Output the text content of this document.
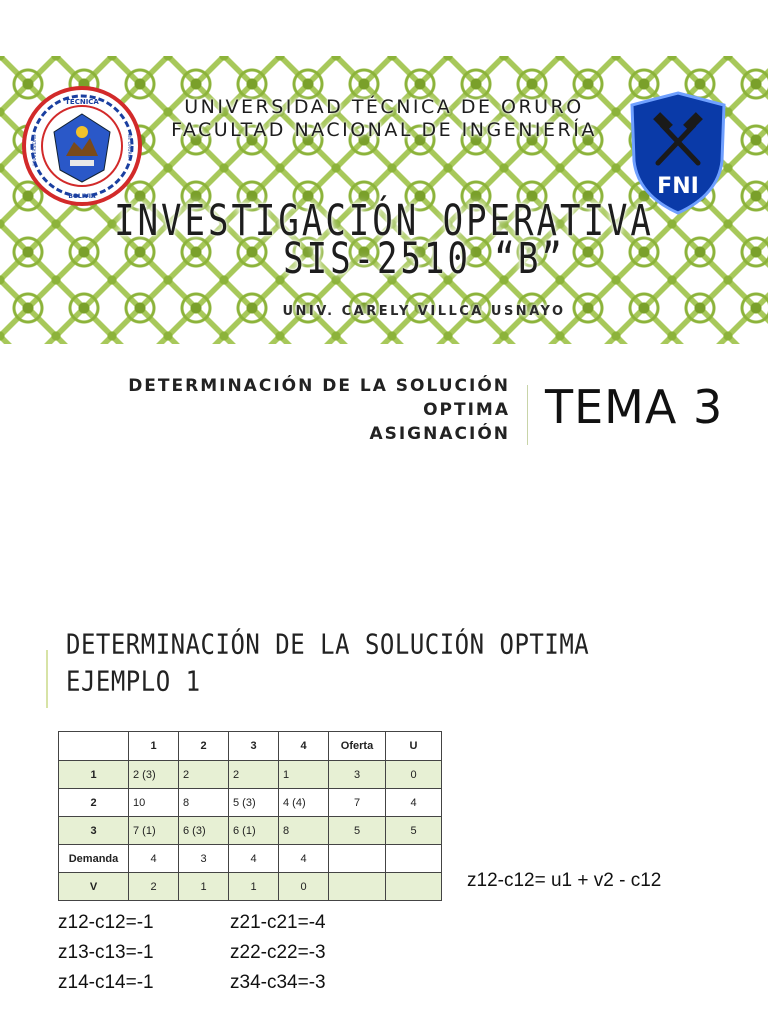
TECNICA
BOLIVIA
UNIVERSIDAD	DE ORURO
FNI
UNIVERSIDAD TÉCNICA DE ORURO
FACULTAD NACIONAL DE INGENIERÍA
INVESTIGACIÓN OPERATIVA
SIS-2510 “B”
UNIV. CARELY VILLCA USNAYO
DETERMINACIÓN DE LA SOLUCIÓN
OPTIMA
ASIGNACIÓN TEMA 3
DETERMINACIÓN DE LA SOLUCIÓN OPTIMA
EJEMPLO 1
	1	2	3	4	Oferta	U
1	2 (3)	2	2	1	3	0
2	10	8	5 (3)	4 (4)	7	4
3	7 (1)	6 (3)	6 (1)	8	5	5
Demanda	4	3	4	4		
V	2	1	1	0			z12-c12= u1 + v2 - c12
z12-c12=-1
z13-c13=-1
z14-c14=-1
z21-c21=-4
z22-c22=-3
z34-c34=-3
